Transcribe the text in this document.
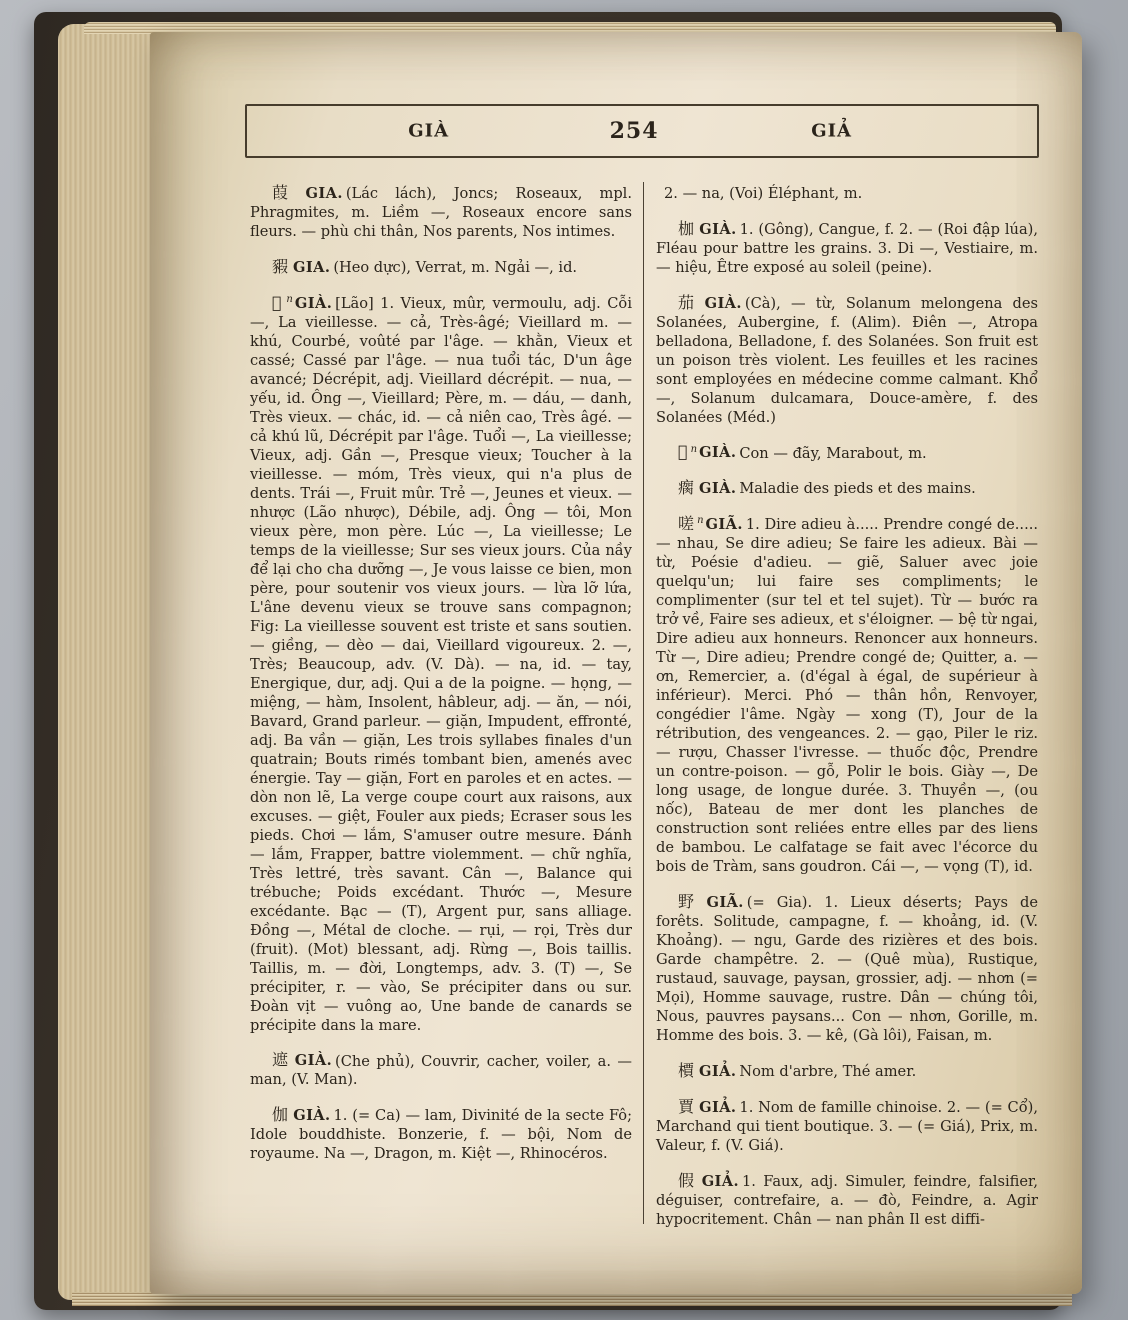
GIÀ	254	GIẢ

葭 GIA. (Lác lách), Joncs; Roseaux, mpl. Phragmites, m. Liềm —, Roseaux encore sans fleurs. — phù chi thân, Nos parents, Nos intimes.

豭 GIA. (Heo dực), Verrat, m. Ngải —, id.

𦓅 $^n$ GIÀ. [Lão] 1. Vieux, mûr, vermoulu, adj. Cỗi —, La vieillesse. — cả, Très-âgé; Vieillard m. — khú, Courbé, voûté par l'âge. — khằn, Vieux et cassé; Cassé par l'âge. — nua tuổi tác, D'un âge avancé; Décrépit, adj. Vieillard décrépit. — nua, — yếu, id. Ông —, Vieillard; Père, m. — dáu, — danh, Très vieux. — chác, id. — cả niên cao, Très âgé. — cả khú lũ, Décrépit par l'âge. Tuổi —, La vieillesse; Vieux, adj. Gần —, Presque vieux; Toucher à la vieillesse. — móm, Très vieux, qui n'a plus de dents. Trái —, Fruit mûr. Trẻ —, Jeunes et vieux. — nhược (Lão nhược), Débile, adj. Ông — tôi, Mon vieux père, mon père. Lúc —, La vieillesse; Le temps de la vieillesse; Sur ses vieux jours. Của nầy để lại cho cha dưỡng —, Je vous laisse ce bien, mon père, pour soutenir vos vieux jours. — lừa lỡ lứa, L'âne devenu vieux se trouve sans compagnon; Fig: La vieillesse souvent est triste et sans soutien. — giềng, — dèo — dai, Vieillard vigoureux. 2. —, Très; Beaucoup, adv. (V. Dà). — na, id. — tay, Energique, dur, adj. Qui a de la poigne. — họng, — miệng, — hàm, Insolent, hâbleur, adj. — ăn, — nói, Bavard, Grand parleur. — giặn, Impudent, effronté, adj. Ba vần — giặn, Les trois syllabes finales d'un quatrain; Bouts rimés tombant bien, amenés avec énergie. Tay — giặn, Fort en paroles et en actes. — dòn non lẽ, La verge coupe court aux raisons, aux excuses. — giệt, Fouler aux pieds; Ecraser sous les pieds. Chơi — lắm, S'amuser outre mesure. Đánh — lắm, Frapper, battre violemment. — chữ nghĩa, Très lettré, très savant. Cân —, Balance qui trébuche; Poids excédant. Thước —, Mesure excédante. Bạc — (T), Argent pur, sans alliage. Đồng —, Métal de cloche. — rụi, — rọi, Très dur (fruit). (Mot) blessant, adj. Rừng —, Bois taillis. Taillis, m. — đời, Longtemps, adv. 3. (T) —, Se précipiter, r. — vào, Se précipiter dans ou sur. Đoàn vịt — vuông ao, Une bande de canards se précipite dans la mare.

遮 GIÀ. (Che phủ), Couvrir, cacher, voiler, a. — man, (V. Man).

伽 GIÀ. 1. (= Ca) — lam, Divinité de la secte Fô; Idole bouddhiste. Bonzerie, f. — bội, Nom de royaume. Na —, Dragon, m. Kiệt —, Rhinocéros.

2. — na, (Voi) Éléphant, m.

枷 GIÀ. 1. (Gông), Cangue, f. 2. — (Roi đập lúa), Fléau pour battre les grains. 3. Di —, Vestiaire, m. — hiệu, Être exposé au soleil (peine).

茄 GIÀ. (Cà), — từ, Solanum melongena des Solanées, Aubergine, f. (Alim). Điên —, Atropa belladona, Belladone, f. des Solanées. Son fruit est un poison très violent. Les feuilles et les racines sont employées en médecine comme calmant. Khổ —, Solanum dulcamara, Douce-amère, f. des Solanées (Méd.)

𦓅 $^n$ GIÀ. Con — đãy, Marabout, m.

瘸 GIÀ. Maladie des pieds et des mains.

嗟 $^n$ GIÃ. 1. Dire adieu à..... Prendre congé de..... — nhau, Se dire adieu; Se faire les adieux. Bài — từ, Poésie d'adieu. — giẽ, Saluer avec joie quelqu'un; lui faire ses compliments; le complimenter (sur tel et tel sujet). Từ — bước ra trở về, Faire ses adieux, et s'éloigner. — bệ từ ngai, Dire adieu aux honneurs. Renoncer aux honneurs. Từ —, Dire adieu; Prendre congé de; Quitter, a. — ơn, Remercier, a. (d'égal à égal, de supérieur à inférieur). Merci. Phó — thân hồn, Renvoyer, congédier l'âme. Ngày — xong (T), Jour de la rétribution, des vengeances. 2. — gạo, Piler le riz. — rượu, Chasser l'ivresse. — thuốc độc, Prendre un contre-poison. — gỗ, Polir le bois. Giày —, De long usage, de longue durée. 3. Thuyền —, (ou nốc), Bateau de mer dont les planches de construction sont reliées entre elles par des liens de bambou. Le calfatage se fait avec l'écorce du bois de Tràm, sans goudron. Cái —, — vọng (T), id.

野 GIÃ. (= Gia). 1. Lieux déserts; Pays de forêts. Solitude, campagne, f. — khoảng, id. (V. Khoảng). — ngu, Garde des rizières et des bois. Garde champêtre. 2. — (Quê mùa), Rustique, rustaud, sauvage, paysan, grossier, adj. — nhơn (= Mọi), Homme sauvage, rustre. Dân — chúng tôi, Nous, pauvres paysans... Con — nhơn, Gorille, m. Homme des bois. 3. — kê, (Gà lôi), Faisan, m.

檟 GIẢ. Nom d'arbre, Thé amer.

賈 GIẢ. 1. Nom de famille chinoise. 2. — (= Cổ), Marchand qui tient boutique. 3. — (= Giá), Prix, m. Valeur, f. (V. Giá).

假 GIẢ. 1. Faux, adj. Simuler, feindre, falsifier, déguiser, contrefaire, a. — đò, Feindre, a. Agir hypocritement. Chân — nan phân Il est diffi-
